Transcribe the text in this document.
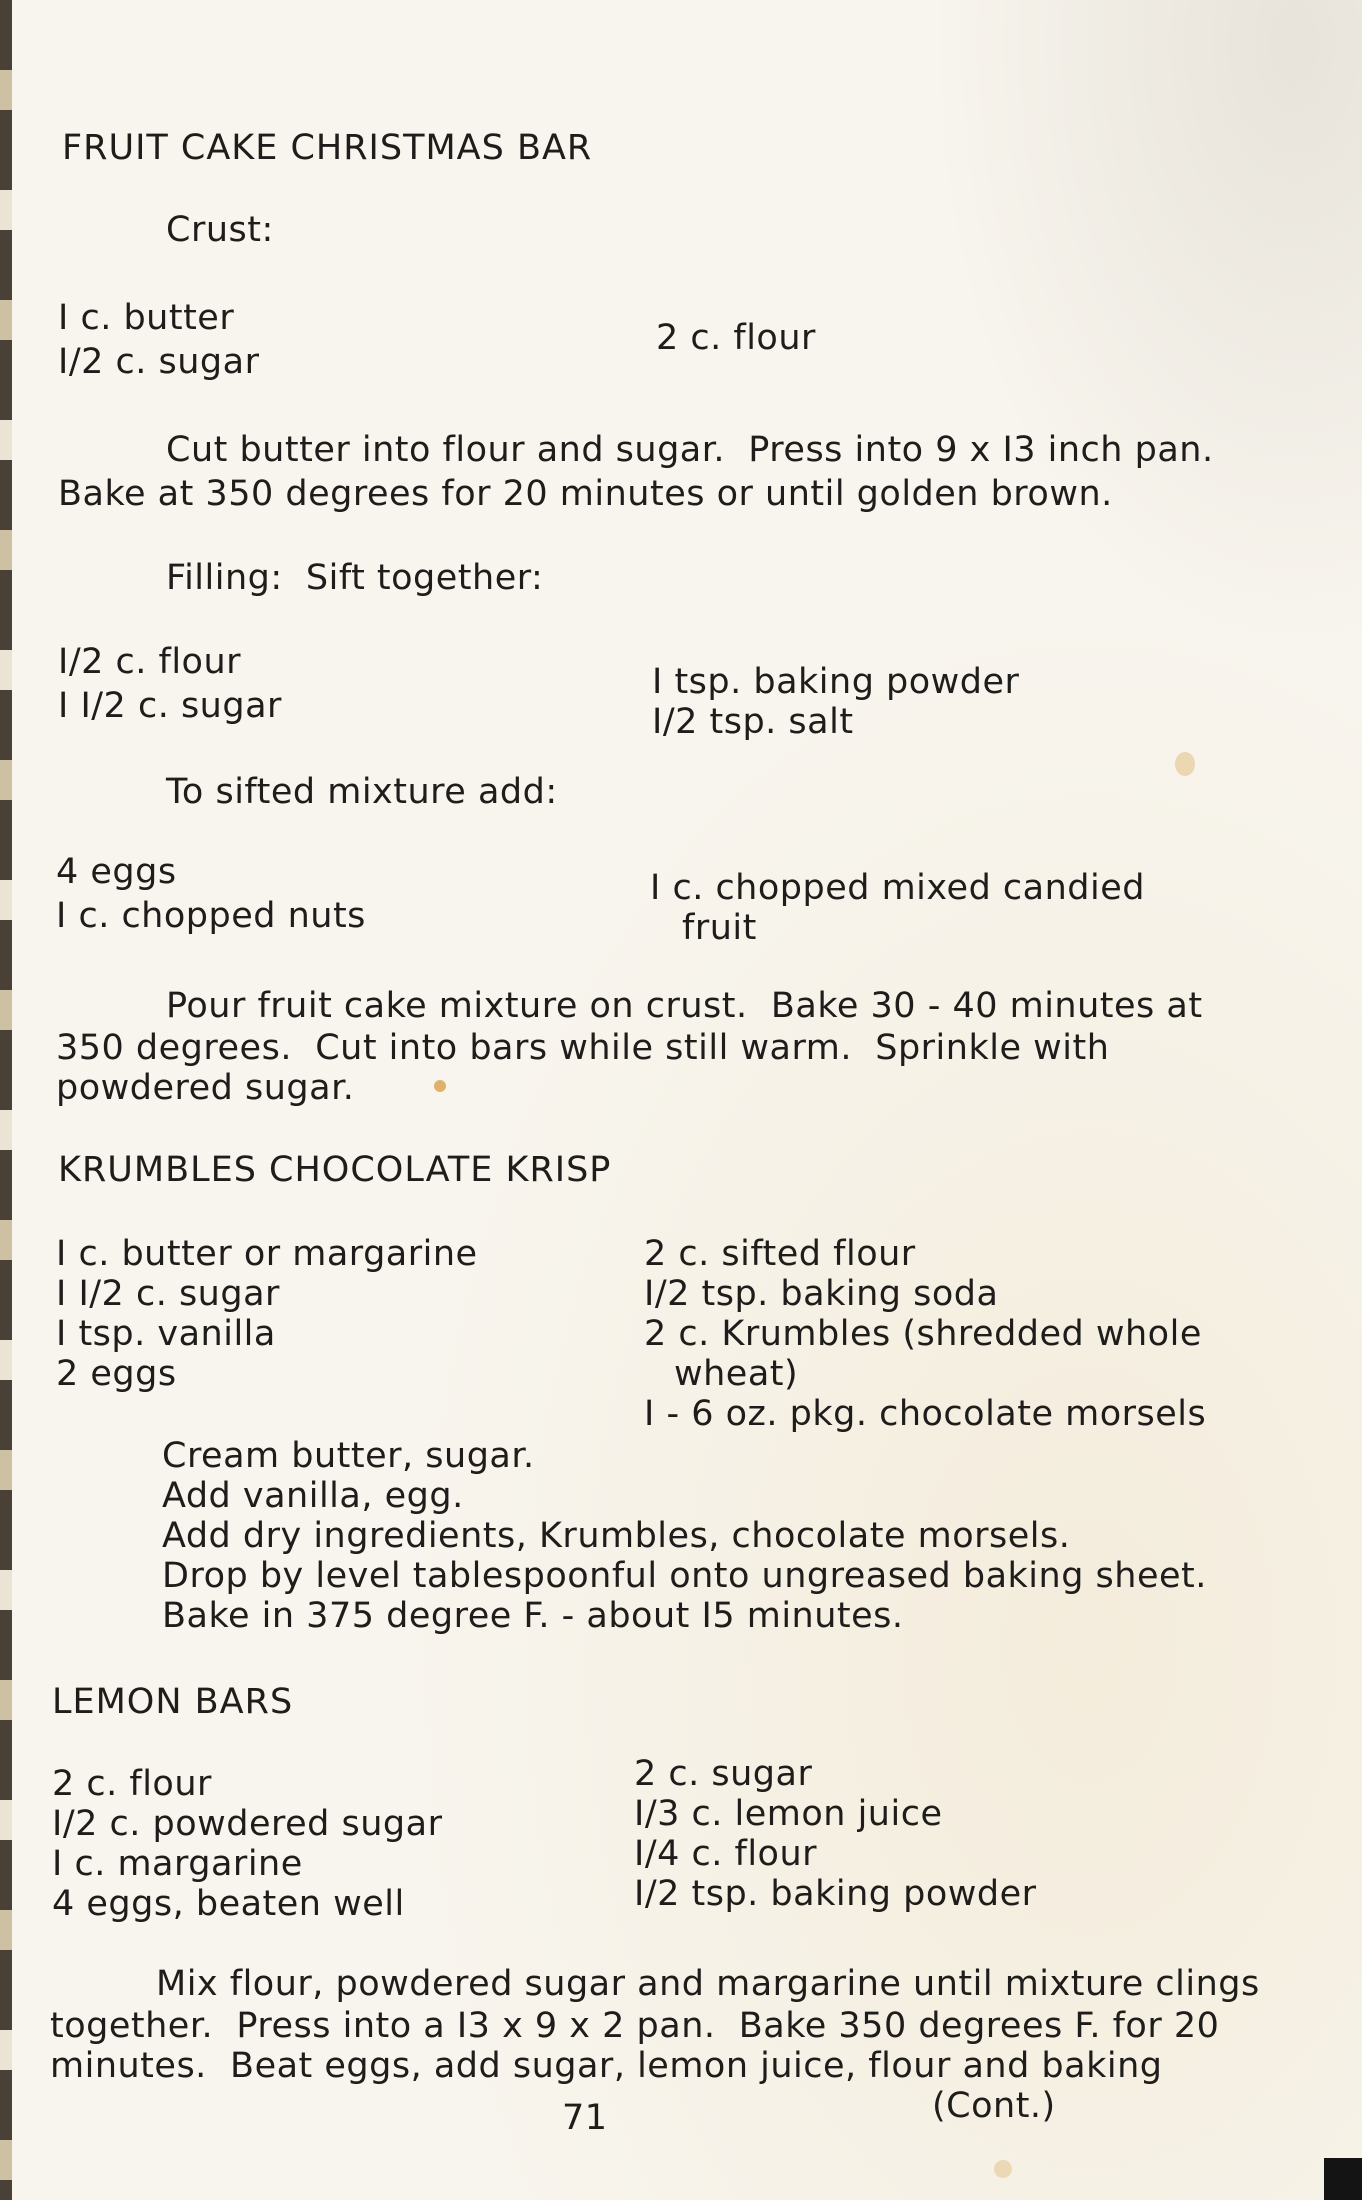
FRUIT CAKE CHRISTMAS BAR
Crust:
I c. butter
I/2 c. sugar
2 c. flour
Cut butter into flour and sugar.  Press into 9 x I3 inch pan.
Bake at 350 degrees for 20 minutes or until golden brown.
Filling:  Sift together:
I/2 c. flour
I I/2 c. sugar
I tsp. baking powder
I/2 tsp. salt
To sifted mixture add:
4 eggs
I c. chopped nuts
I c. chopped mixed candied
fruit
Pour fruit cake mixture on crust.  Bake 30 - 40 minutes at
350 degrees.  Cut into bars while still warm.  Sprinkle with
powdered sugar.
KRUMBLES CHOCOLATE KRISP
I c. butter or margarine
I I/2 c. sugar
I tsp. vanilla
2 eggs
2 c. sifted flour
I/2 tsp. baking soda
2 c. Krumbles (shredded whole
wheat)
I - 6 oz. pkg. chocolate morsels
Cream butter, sugar.
Add vanilla, egg.
Add dry ingredients, Krumbles, chocolate morsels.
Drop by level tablespoonful onto ungreased baking sheet.
Bake in 375 degree F. - about I5 minutes.
LEMON BARS
2 c. flour
I/2 c. powdered sugar
I c. margarine
4 eggs, beaten well
2 c. sugar
I/3 c. lemon juice
I/4 c. flour
I/2 tsp. baking powder
Mix flour, powdered sugar and margarine until mixture clings
together.  Press into a I3 x 9 x 2 pan.  Bake 350 degrees F. for 20
minutes.  Beat eggs, add sugar, lemon juice, flour and baking
71	(Cont.)
